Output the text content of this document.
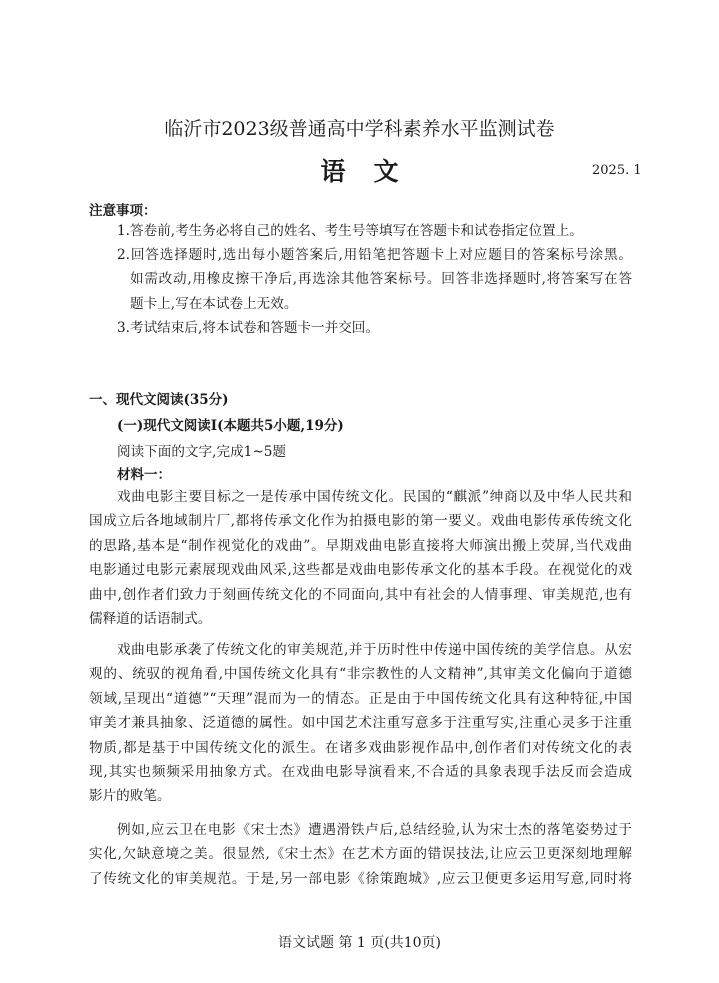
临沂市2023级普通高中学科素养水平监测试卷
语文	2025. 1
注意事项：
1.答卷前,考生务必将自己的姓名、考生号等填写在答题卡和试卷指定位置上。
2.回答选择题时,选出每小题答案后,用铅笔把答题卡上对应题目的答案标号涂黑。
如需改动,用橡皮擦干净后,再选涂其他答案标号。回答非选择题时,将答案写在答
题卡上,写在本试卷上无效。
3.考试结束后,将本试卷和答题卡一并交回。
一、现代文阅读(35分)
(一)现代文阅读Ⅰ(本题共5小题,19分)
阅读下面的文字,完成1~5题
材料一：
戏曲电影主要目标之一是传承中国传统文化。民国的“麒派”绅商以及中华人民共和
国成立后各地域制片厂,都将传承文化作为拍摄电影的第一要义。戏曲电影传承传统文化
的思路,基本是“制作视觉化的戏曲”。早期戏曲电影直接将大师演出搬上荧屏,当代戏曲
电影通过电影元素展现戏曲风采,这些都是戏曲电影传承文化的基本手段。在视觉化的戏
曲中,创作者们致力于刻画传统文化的不同面向,其中有社会的人情事理、审美规范,也有
儒释道的话语制式。
戏曲电影承袭了传统文化的审美规范,并于历时性中传递中国传统的美学信息。从宏
观的、统驭的视角看,中国传统文化具有“非宗教性的人文精神”,其审美文化偏向于道德
领域,呈现出“道德”“天理”混而为一的情态。正是由于中国传统文化具有这种特征,中国
审美才兼具抽象、泛道德的属性。如中国艺术注重写意多于注重写实,注重心灵多于注重
物质,都是基于中国传统文化的派生。在诸多戏曲影视作品中,创作者们对传统文化的表
现,其实也频频采用抽象方式。在戏曲电影导演看来,不合适的具象表现手法反而会造成
影片的败笔。
例如,应云卫在电影《宋士杰》遭遇滑铁卢后,总结经验,认为宋士杰的落笔姿势过于
实化,欠缺意境之美。很显然,《宋士杰》在艺术方面的错误技法,让应云卫更深刻地理解
了传统文化的审美规范。于是,另一部电影《徐策跑城》,应云卫便更多运用写意,同时将
语文试题 第 1 页(共10页)
